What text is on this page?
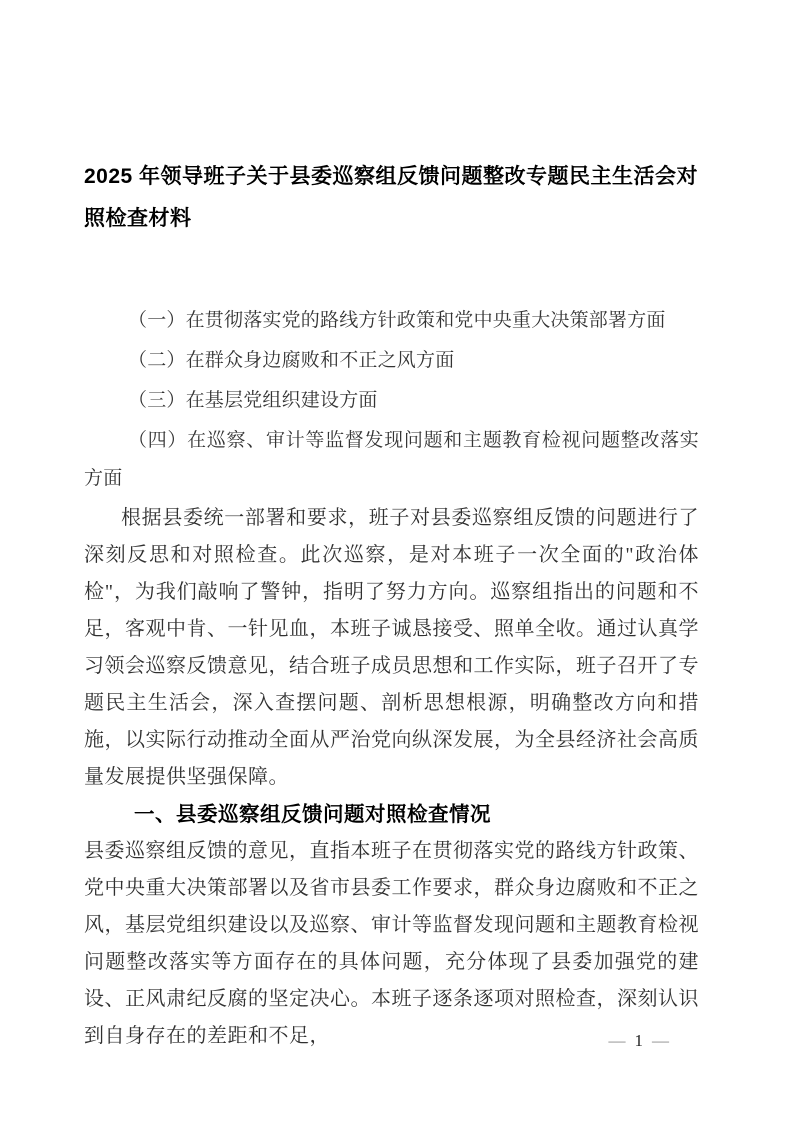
2025 年领导班子关于县委巡察组反馈问题整改专题民主生活会对照检查材料

（一）在贯彻落实党的路线方针政策和党中央重大决策部署方面

（二）在群众身边腐败和不正之风方面

（三）在基层党组织建设方面

（四）在巡察、审计等监督发现问题和主题教育检视问题整改落实方面

根据县委统一部署和要求，班子对县委巡察组反馈的问题进行了深刻反思和对照检查。此次巡察，是对本班子一次全面的"政治体检"，为我们敲响了警钟，指明了努力方向。巡察组指出的问题和不足，客观中肯、一针见血，本班子诚恳接受、照单全收。通过认真学习领会巡察反馈意见，结合班子成员思想和工作实际，班子召开了专题民主生活会，深入查摆问题、剖析思想根源，明确整改方向和措施，以实际行动推动全面从严治党向纵深发展，为全县经济社会高质量发展提供坚强保障。

一、县委巡察组反馈问题对照检查情况

县委巡察组反馈的意见，直指本班子在贯彻落实党的路线方针政策、党中央重大决策部署以及省市县委工作要求，群众身边腐败和不正之风，基层党组织建设以及巡察、审计等监督发现问题和主题教育检视问题整改落实等方面存在的具体问题，充分体现了县委加强党的建设、正风肃纪反腐的坚定决心。本班子逐条逐项对照检查，深刻认识到自身存在的差距和不足，	— 1 —
